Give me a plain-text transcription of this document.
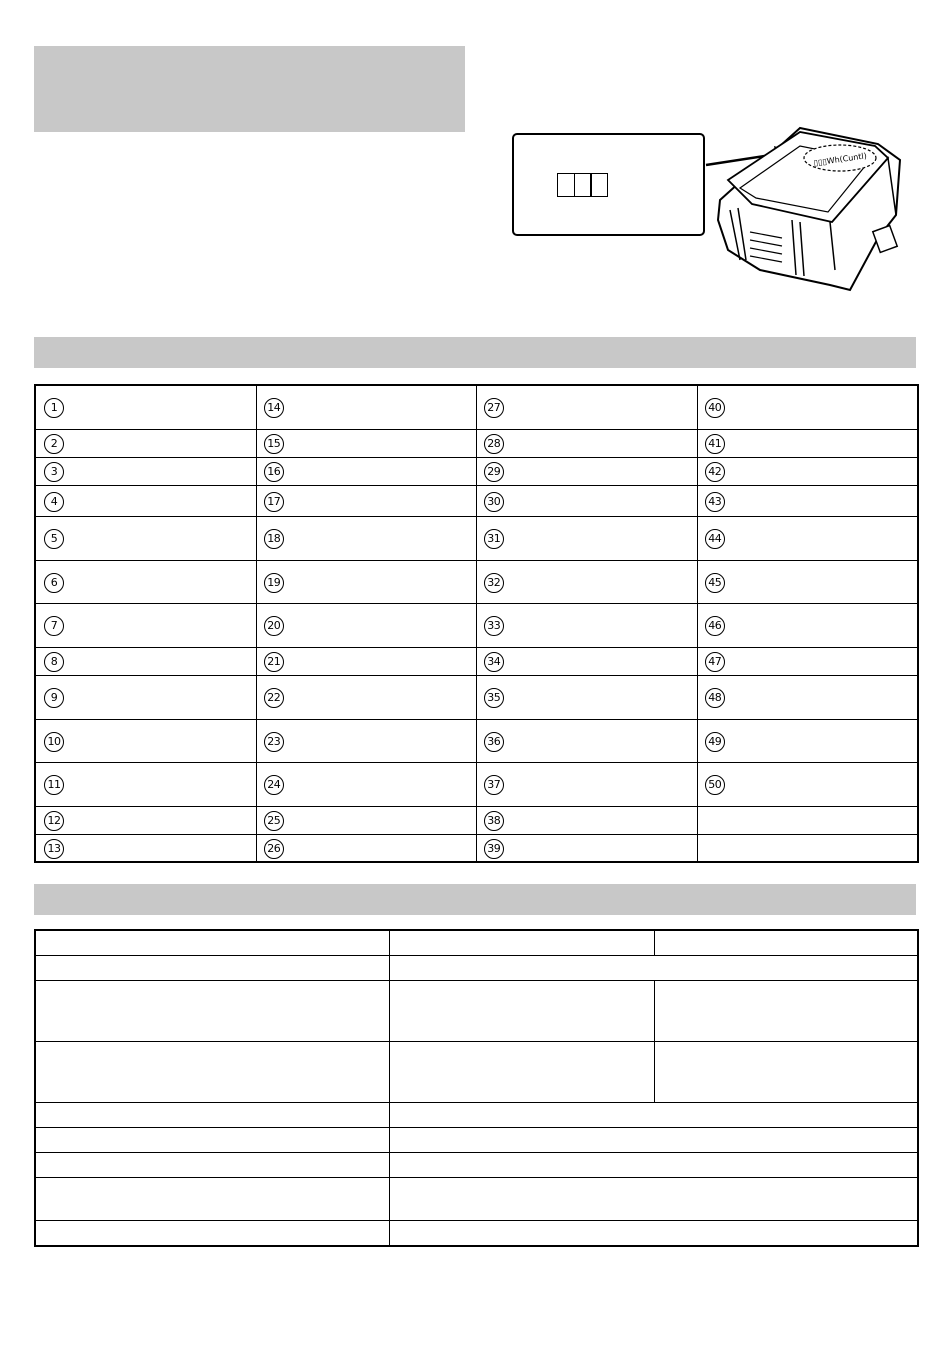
▯▯▯Wh(Cuntl)
1		14		27		40	
2		15		28		41	
3		16		29		42	
4		17		30		43	
5		18		31		44	
6		19		32		45	
7		20		33		46	
8		21		34		47	
9		22		35		48	
10		23		36		49	
11		24		37		50	
12		25		38			
13		26		39			
